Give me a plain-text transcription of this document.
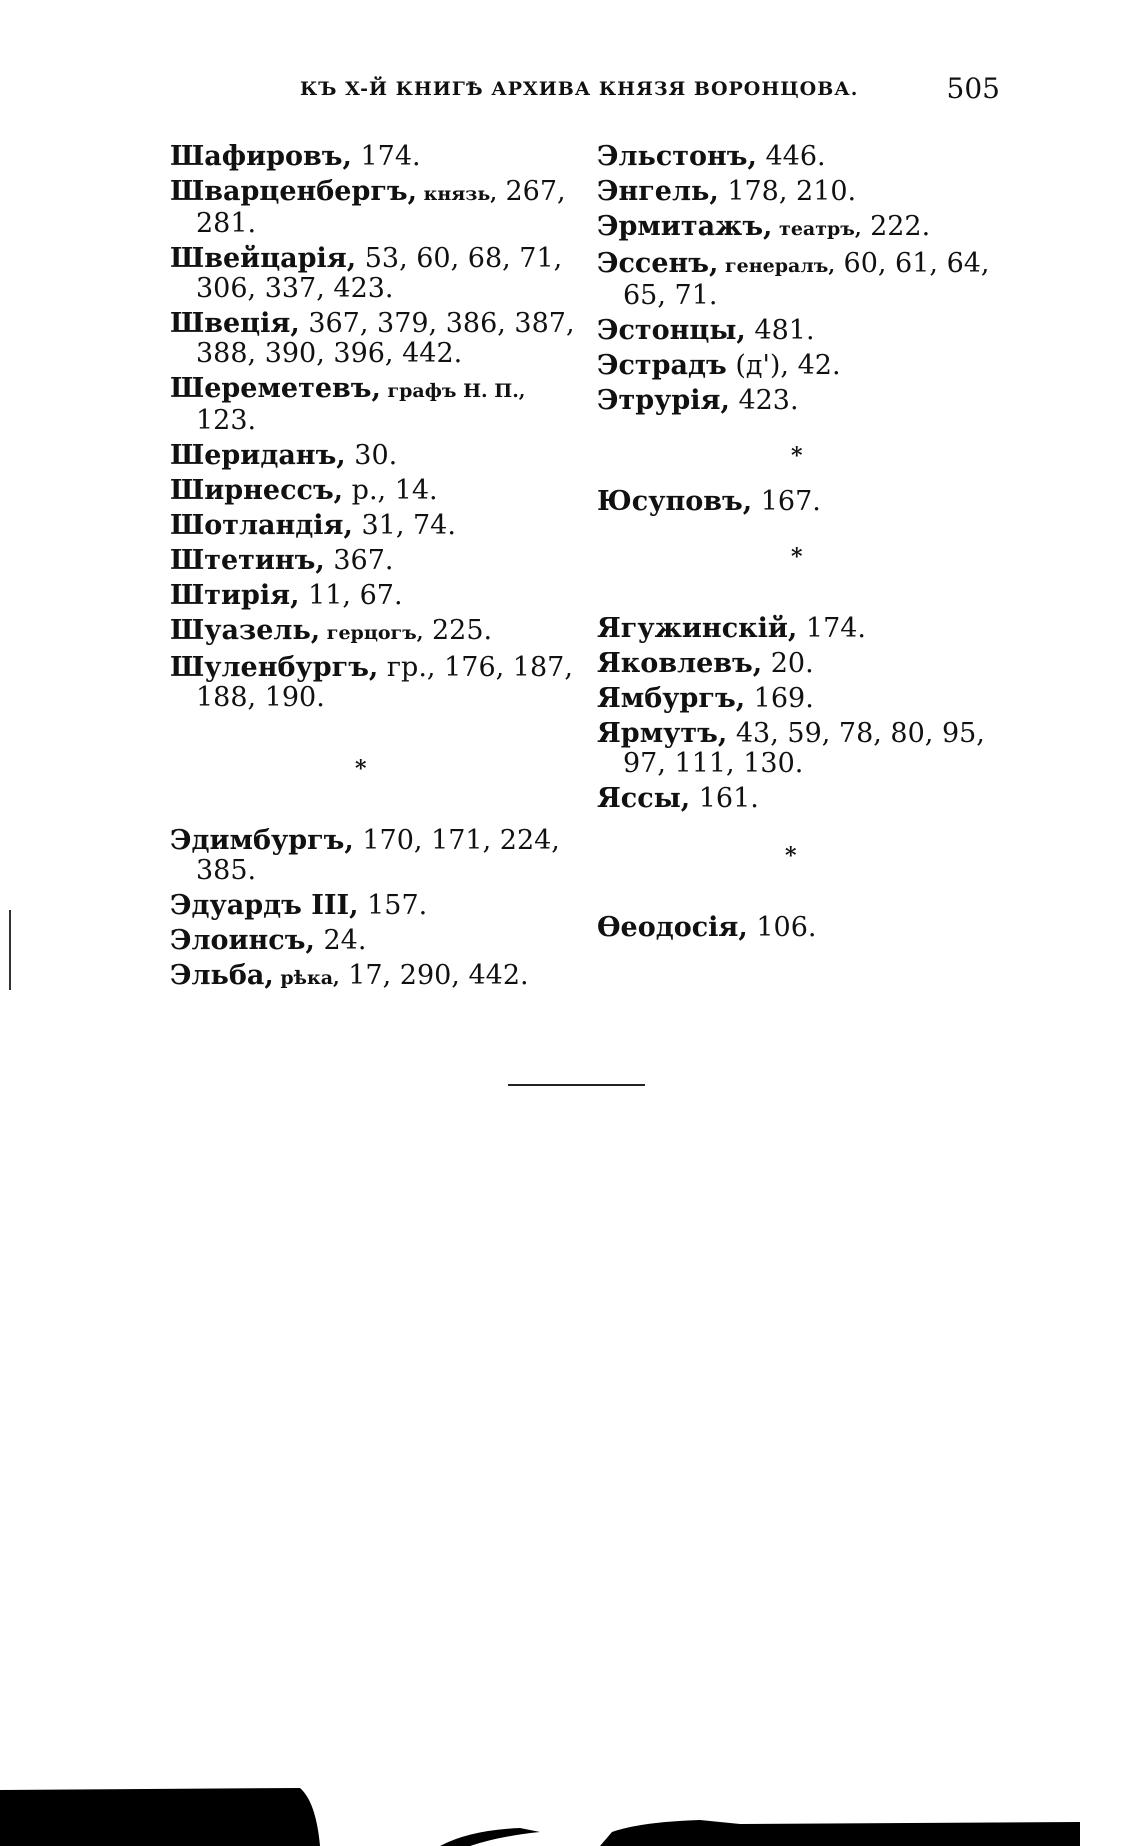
КЪ X-Й КНИГѢ АРХИВА КНЯЗЯ ВОРОНЦОВА.	505
Шафировъ, 174.
Шварценбергъ, князь, 267,
281.
Швейцарія, 53, 60, 68, 71,
306, 337, 423.
Швеція, 367, 379, 386, 387,
388, 390, 396, 442.
Шереметевъ, графъ Н. П.,
123.
Шериданъ, 30.
Ширнессъ, р., 14.
Шотландія, 31, 74.
Штетинъ, 367.
Штирія, 11, 67.
Шуазель, герцогъ, 225.
Шуленбургъ, гр., 176, 187,
188, 190.
*
Эдимбургъ, 170, 171, 224,
385.
Эдуардъ III, 157.
Элоинсъ, 24.
Эльба, рѣка, 17, 290, 442.
Эльстонъ, 446.
Энгель, 178, 210.
Эрмитажъ, театръ, 222.
Эссенъ, генералъ, 60, 61, 64,
65, 71.
Эстонцы, 481.
Эстрадъ (д'), 42.
Этрурія, 423.
*
Юсуповъ, 167.
*
Ягужинскій, 174.
Яковлевъ, 20.
Ямбургъ, 169.
Ярмутъ, 43, 59, 78, 80, 95,
97, 111, 130.
Яссы, 161.
*
Ѳеодосія, 106.
